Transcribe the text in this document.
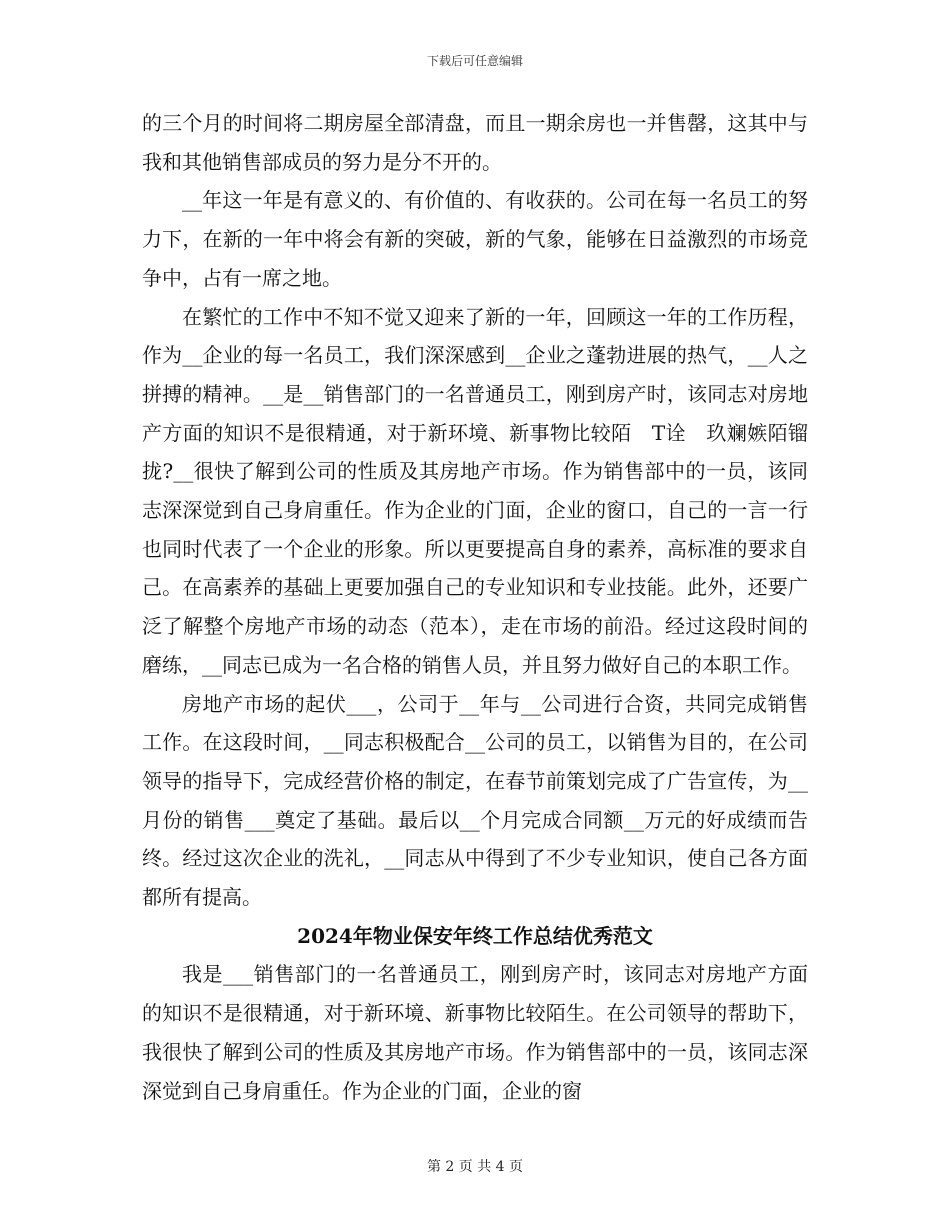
下载后可任意编辑

的三个月的时间将二期房屋全部清盘，而且一期余房也一并售罄，这其中与我和其他销售部成员的努力是分不开的。

__年这一年是有意义的、有价值的、有收获的。公司在每一名员工的努力下，在新的一年中将会有新的突破，新的气象，能够在日益激烈的市场竞争中，占有一席之地。

在繁忙的工作中不知不觉又迎来了新的一年，回顾这一年的工作历程，作为__企业的每一名员工，我们深深感到__企业之蓬勃进展的热气，__人之拼搏的精神。__是__销售部门的一名普通员工，刚到房产时，该同志对房地产方面的知识不是很精通，对于新环境、新事物比较陌　T诠　玖斓嫉陌镏　拢?__很快了解到公司的性质及其房地产市场。作为销售部中的一员，该同志深深觉到自己身肩重任。作为企业的门面，企业的窗口，自己的一言一行也同时代表了一个企业的形象。所以更要提高自身的素养，高标准的要求自己。在高素养的基础上更要加强自己的专业知识和专业技能。此外，还要广泛了解整个房地产市场的动态（范本），走在市场的前沿。经过这段时间的磨练，__同志已成为一名合格的销售人员，并且努力做好自己的本职工作。

房地产市场的起伏___，公司于__年与__公司进行合资，共同完成销售工作。在这段时间，__同志积极配合__公司的员工，以销售为目的，在公司领导的指导下，完成经营价格的制定，在春节前策划完成了广告宣传，为__月份的销售___奠定了基础。最后以__个月完成合同额__万元的好成绩而告终。经过这次企业的洗礼，__同志从中得到了不少专业知识，使自己各方面都所有提高。

2024年物业保安年终工作总结优秀范文

我是___销售部门的一名普通员工，刚到房产时，该同志对房地产方面的知识不是很精通，对于新环境、新事物比较陌生。在公司领导的帮助下，我很快了解到公司的性质及其房地产市场。作为销售部中的一员，该同志深深觉到自己身肩重任。作为企业的门面，企业的窗

第 2 页 共 4 页
